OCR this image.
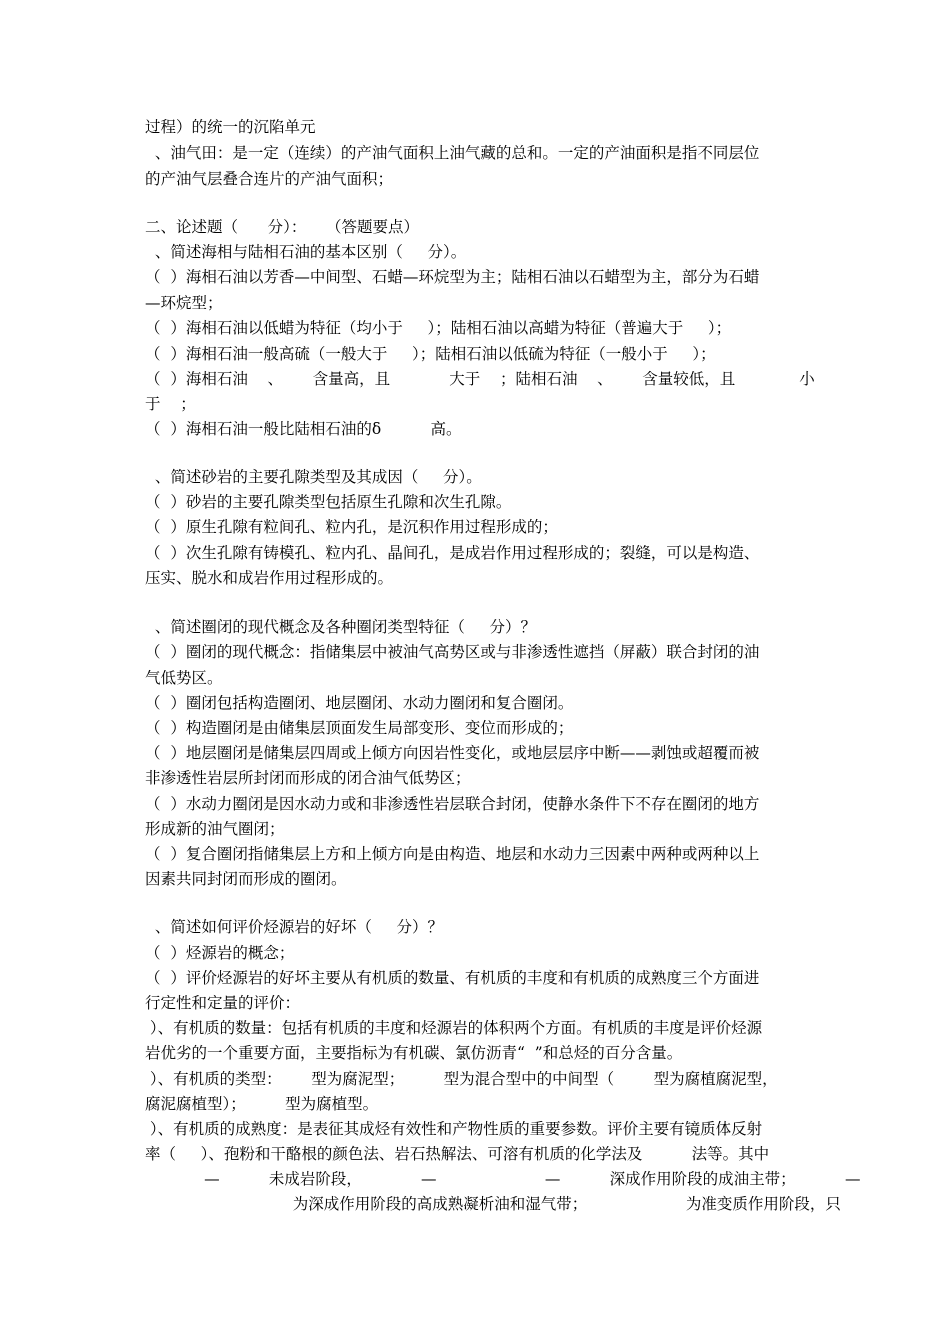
过程）的统一的沉陷单元
、油气田：是一定（连续）的产油气面积上油气藏的总和。一定的产油面积是指不同层位
的产油气层叠合连片的产油气面积；
二、论述题（      分）：    （答题要点）
、简述海相与陆相石油的基本区别（     分）。
（  ）海相石油以芳香—中间型、石蜡—环烷型为主；陆相石油以石蜡型为主，部分为石蜡
—环烷型；
（  ）海相石油以低蜡为特征（均小于     ）；陆相石油以高蜡为特征（普遍大于     ）；
（  ）海相石油一般高硫（一般大于     ）；陆相石油以低硫为特征（一般小于     ）；
（  ）海相石油    、      含量高，且            大于    ；陆相石油    、      含量较低，且             小
于    ；
（  ）海相石油一般比陆相石油的δ          高。
、简述砂岩的主要孔隙类型及其成因（     分）。
（  ）砂岩的主要孔隙类型包括原生孔隙和次生孔隙。
（  ）原生孔隙有粒间孔、粒内孔，是沉积作用过程形成的；
（  ）次生孔隙有铸模孔、粒内孔、晶间孔，是成岩作用过程形成的；裂缝，可以是构造、
压实、脱水和成岩作用过程形成的。
、简述圈闭的现代概念及各种圈闭类型特征（     分）？
（  ）圈闭的现代概念：指储集层中被油气高势区或与非渗透性遮挡（屏蔽）联合封闭的油
气低势区。
（  ）圈闭包括构造圈闭、地层圈闭、水动力圈闭和复合圈闭。
（  ）构造圈闭是由储集层顶面发生局部变形、变位而形成的；
（  ）地层圈闭是储集层四周或上倾方向因岩性变化，或地层层序中断——剥蚀或超覆而被
非渗透性岩层所封闭而形成的闭合油气低势区；
（  ）水动力圈闭是因水动力或和非渗透性岩层联合封闭，使静水条件下不存在圈闭的地方
形成新的油气圈闭；
（  ）复合圈闭指储集层上方和上倾方向是由构造、地层和水动力三因素中两种或两种以上
因素共同封闭而形成的圈闭。
、简述如何评价烃源岩的好坏（     分）？
（  ）烃源岩的概念；
（  ）评价烃源岩的好坏主要从有机质的数量、有机质的丰度和有机质的成熟度三个方面进
行定性和定量的评价：
）、有机质的数量：包括有机质的丰度和烃源岩的体积两个方面。有机质的丰度是评价烃源
岩优劣的一个重要方面，主要指标为有机碳、氯仿沥青“  ”和总烃的百分含量。
）、有机质的类型：      型为腐泥型；        型为混合型中的中间型（        型为腐植腐泥型，
腐泥腐植型）；        型为腐植型。
）、有机质的成熟度：是表征其成烃有效性和产物性质的重要参数。评价主要有镜质体反射
率（     ）、孢粉和干酪根的颜色法、岩石热解法、可溶有机质的化学法及          法等。其中
—          未成岩阶段，            —                      —          深成作用阶段的成油主带；          —
为深成作用阶段的高成熟凝析油和湿气带；                    为准变质作用阶段，只
